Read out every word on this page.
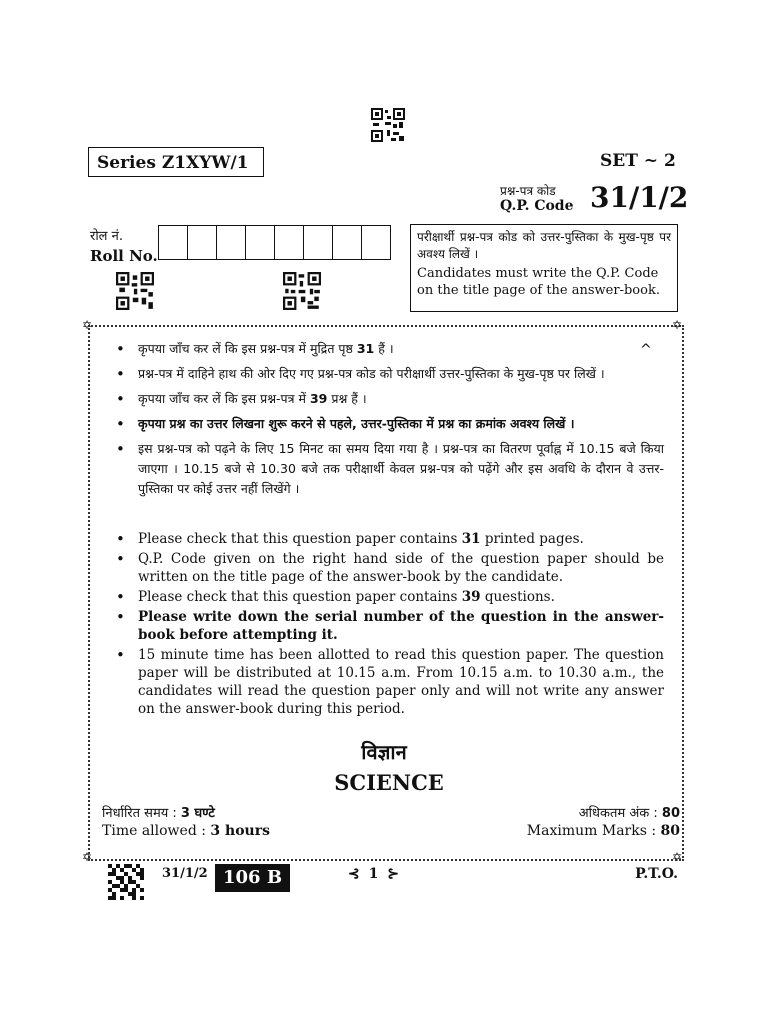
Series Z1XYW/1	SET ~ 2
प्रश्न-पत्र कोड
Q.P. Code 31/1/2
रोल नं.
Roll No.
परीक्षार्थी प्रश्न-पत्र कोड को उत्तर-पुस्तिका के मुख-पृष्ठ पर अवश्य लिखें ।
Candidates must write the Q.P. Code on the title page of the answer-book.
✡	✡
✡	✡
^
• कृपया जाँच कर लें कि इस प्रश्न-पत्र में मुद्रित पृष्ठ 31 हैं ।
• प्रश्न-पत्र में दाहिने हाथ की ओर दिए गए प्रश्न-पत्र कोड को परीक्षार्थी उत्तर-पुस्तिका के मुख-पृष्ठ पर लिखें ।
• कृपया जाँच कर लें कि इस प्रश्न-पत्र में 39 प्रश्न हैं ।
• कृपया प्रश्न का उत्तर लिखना शुरू करने से पहले, उत्तर-पुस्तिका में प्रश्न का क्रमांक अवश्य लिखें ।
• इस प्रश्न-पत्र को पढ़ने के लिए 15 मिनट का समय दिया गया है । प्रश्न-पत्र का वितरण पूर्वाह्न में 10.15 बजे किया जाएगा । 10.15 बजे से 10.30 बजे तक परीक्षार्थी केवल प्रश्न-पत्र को पढ़ेंगे और इस अवधि के दौरान वे उत्तर-पुस्तिका पर कोई उत्तर नहीं लिखेंगे ।
• Please check that this question paper contains 31 printed pages.
• Q.P. Code given on the right hand side of the question paper should be written on the title page of the answer-book by the candidate.
• Please check that this question paper contains 39 questions.
• Please write down the serial number of the question in the answer-book before attempting it.
• 15 minute time has been allotted to read this question paper. The question paper will be distributed at 10.15 a.m. From 10.15 a.m. to 10.30 a.m., the candidates will read the question paper only and will not write any answer on the answer-book during this period.
विज्ञान
SCIENCE
निर्धारित समय : 3 घण्टे
Time allowed : 3 hours
अधिकतम अंक : 80
Maximum Marks : 80
31/1/2 106 B	⊰ 1 ⊱	P.T.O.
